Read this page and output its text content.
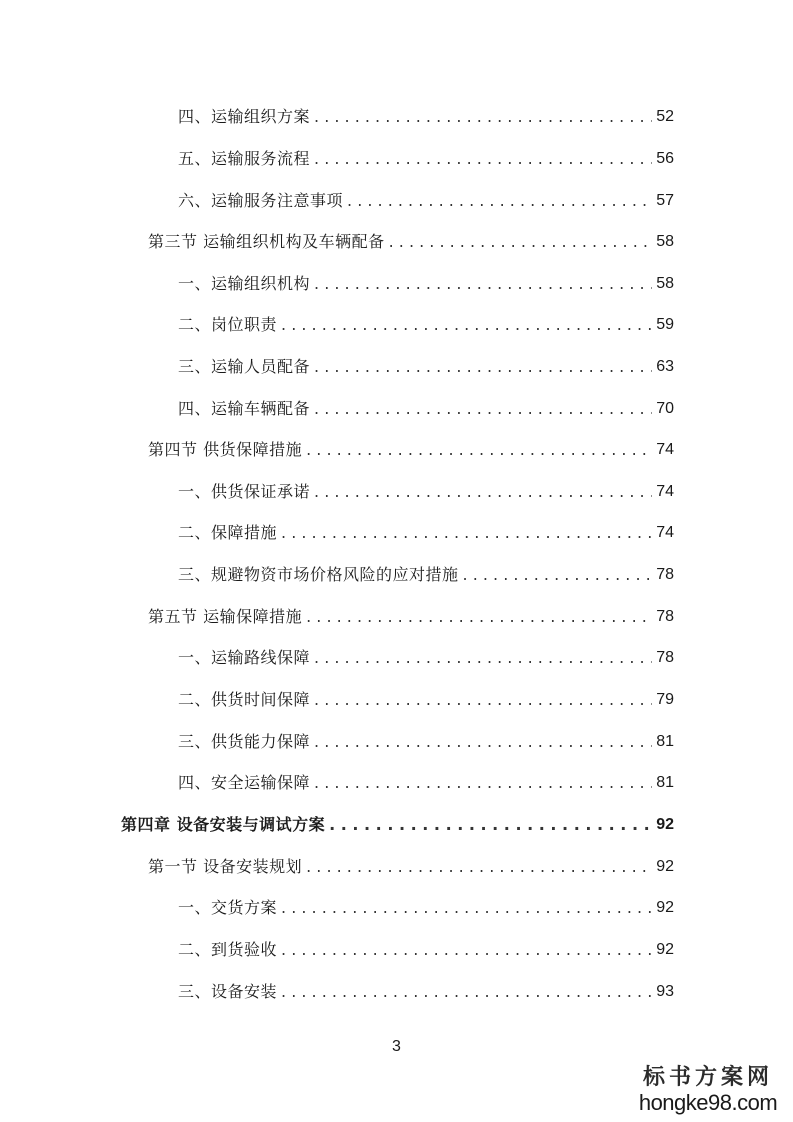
四、运输组织方案 . . .	52
五、运输服务流程 . . .	56
六、运输服务注意事项 . . .	57
第三节 运输组织机构及车辆配备 . . .	58
一、运输组织机构 . . .	58
二、岗位职责 . . .	59
三、运输人员配备 . . .	63
四、运输车辆配备 . . .	70
第四节 供货保障措施 . . .	74
一、供货保证承诺 . . .	74
二、保障措施 . . .	74
三、规避物资市场价格风险的应对措施 . . .	78
第五节 运输保障措施 . . .	78
一、运输路线保障 . . .	78
二、供货时间保障 . . .	79
三、供货能力保障 . . .	81
四、安全运输保障 . . .	81
第四章 设备安装与调试方案 . . .	92
第一节 设备安装规划 . . .	92
一、交货方案 . . .	92
二、到货验收 . . .	92
三、设备安装 . . .	93
3
标书方案网
hongke98.com
